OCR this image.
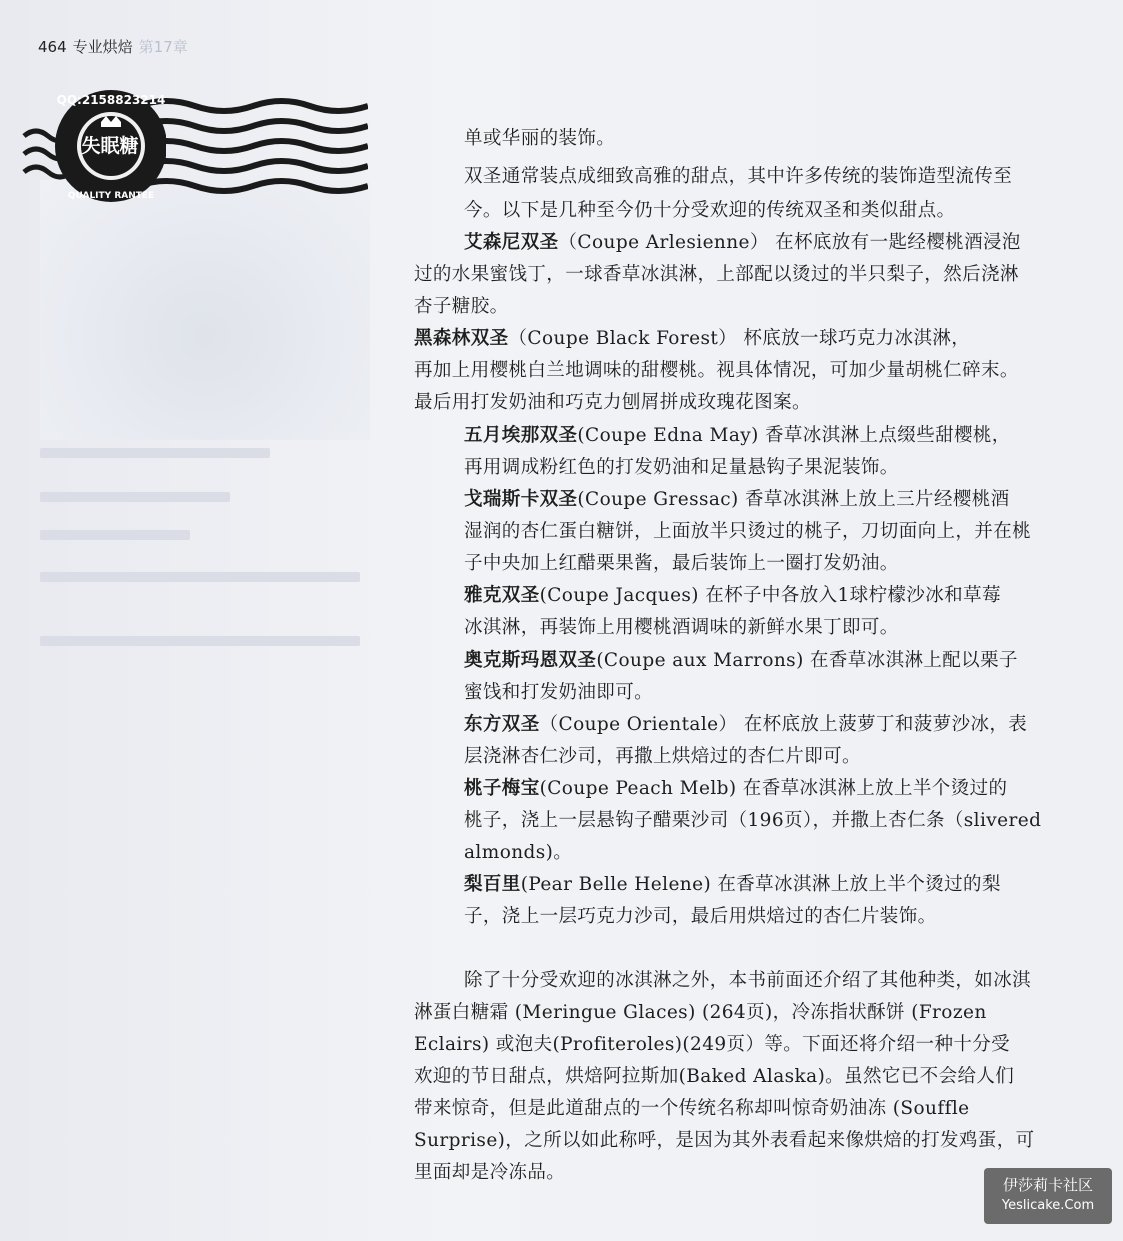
464 专业烘焙 第17章
QQ:2158823214
QUALITY RANTEE
失眠糖	单或华丽的装饰。
双圣通常装点成细致高雅的甜点，其中许多传统的装饰造型流传至
今。以下是几种至今仍十分受欢迎的传统双圣和类似甜点。
艾森尼双圣（Coupe Arlesienne） 在杯底放有一匙经樱桃酒浸泡
过的水果蜜饯丁，一球香草冰淇淋，上部配以烫过的半只梨子，然后浇淋
杏子糖胶。
黑森林双圣（Coupe Black Forest） 杯底放一球巧克力冰淇淋，
再加上用樱桃白兰地调味的甜樱桃。视具体情况，可加少量胡桃仁碎末。
最后用打发奶油和巧克力刨屑拼成玫瑰花图案。
五月埃那双圣(Coupe Edna May) 香草冰淇淋上点缀些甜樱桃，
再用调成粉红色的打发奶油和足量悬钩子果泥装饰。
戈瑞斯卡双圣(Coupe Gressac) 香草冰淇淋上放上三片经樱桃酒
湿润的杏仁蛋白糖饼，上面放半只烫过的桃子，刀切面向上，并在桃
子中央加上红醋栗果酱，最后装饰上一圈打发奶油。
雅克双圣(Coupe Jacques) 在杯子中各放入1球柠檬沙冰和草莓
冰淇淋，再装饰上用樱桃酒调味的新鲜水果丁即可。
奥克斯玛恩双圣(Coupe aux Marrons) 在香草冰淇淋上配以栗子
蜜饯和打发奶油即可。
东方双圣（Coupe Orientale） 在杯底放上菠萝丁和菠萝沙冰，表
层浇淋杏仁沙司，再撒上烘焙过的杏仁片即可。
桃子梅宝(Coupe Peach Melb) 在香草冰淇淋上放上半个烫过的
桃子，浇上一层悬钩子醋栗沙司（196页），并撒上杏仁条（slivered
almonds)。
梨百里(Pear Belle Helene) 在香草冰淇淋上放上半个烫过的梨
子，浇上一层巧克力沙司，最后用烘焙过的杏仁片装饰。
除了十分受欢迎的冰淇淋之外，本书前面还介绍了其他种类，如冰淇
淋蛋白糖霜 (Meringue Glaces) (264页)，冷冻指状酥饼 (Frozen
Eclairs) 或泡夫(Profiteroles)(249页）等。下面还将介绍一种十分受
欢迎的节日甜点，烘焙阿拉斯加(Baked Alaska)。虽然它已不会给人们
带来惊奇，但是此道甜点的一个传统名称却叫惊奇奶油冻 (Souffle
Surprise)，之所以如此称呼，是因为其外表看起来像烘焙的打发鸡蛋，可
里面却是冷冻品。
伊莎莉卡社区
Yeslicake.Com
